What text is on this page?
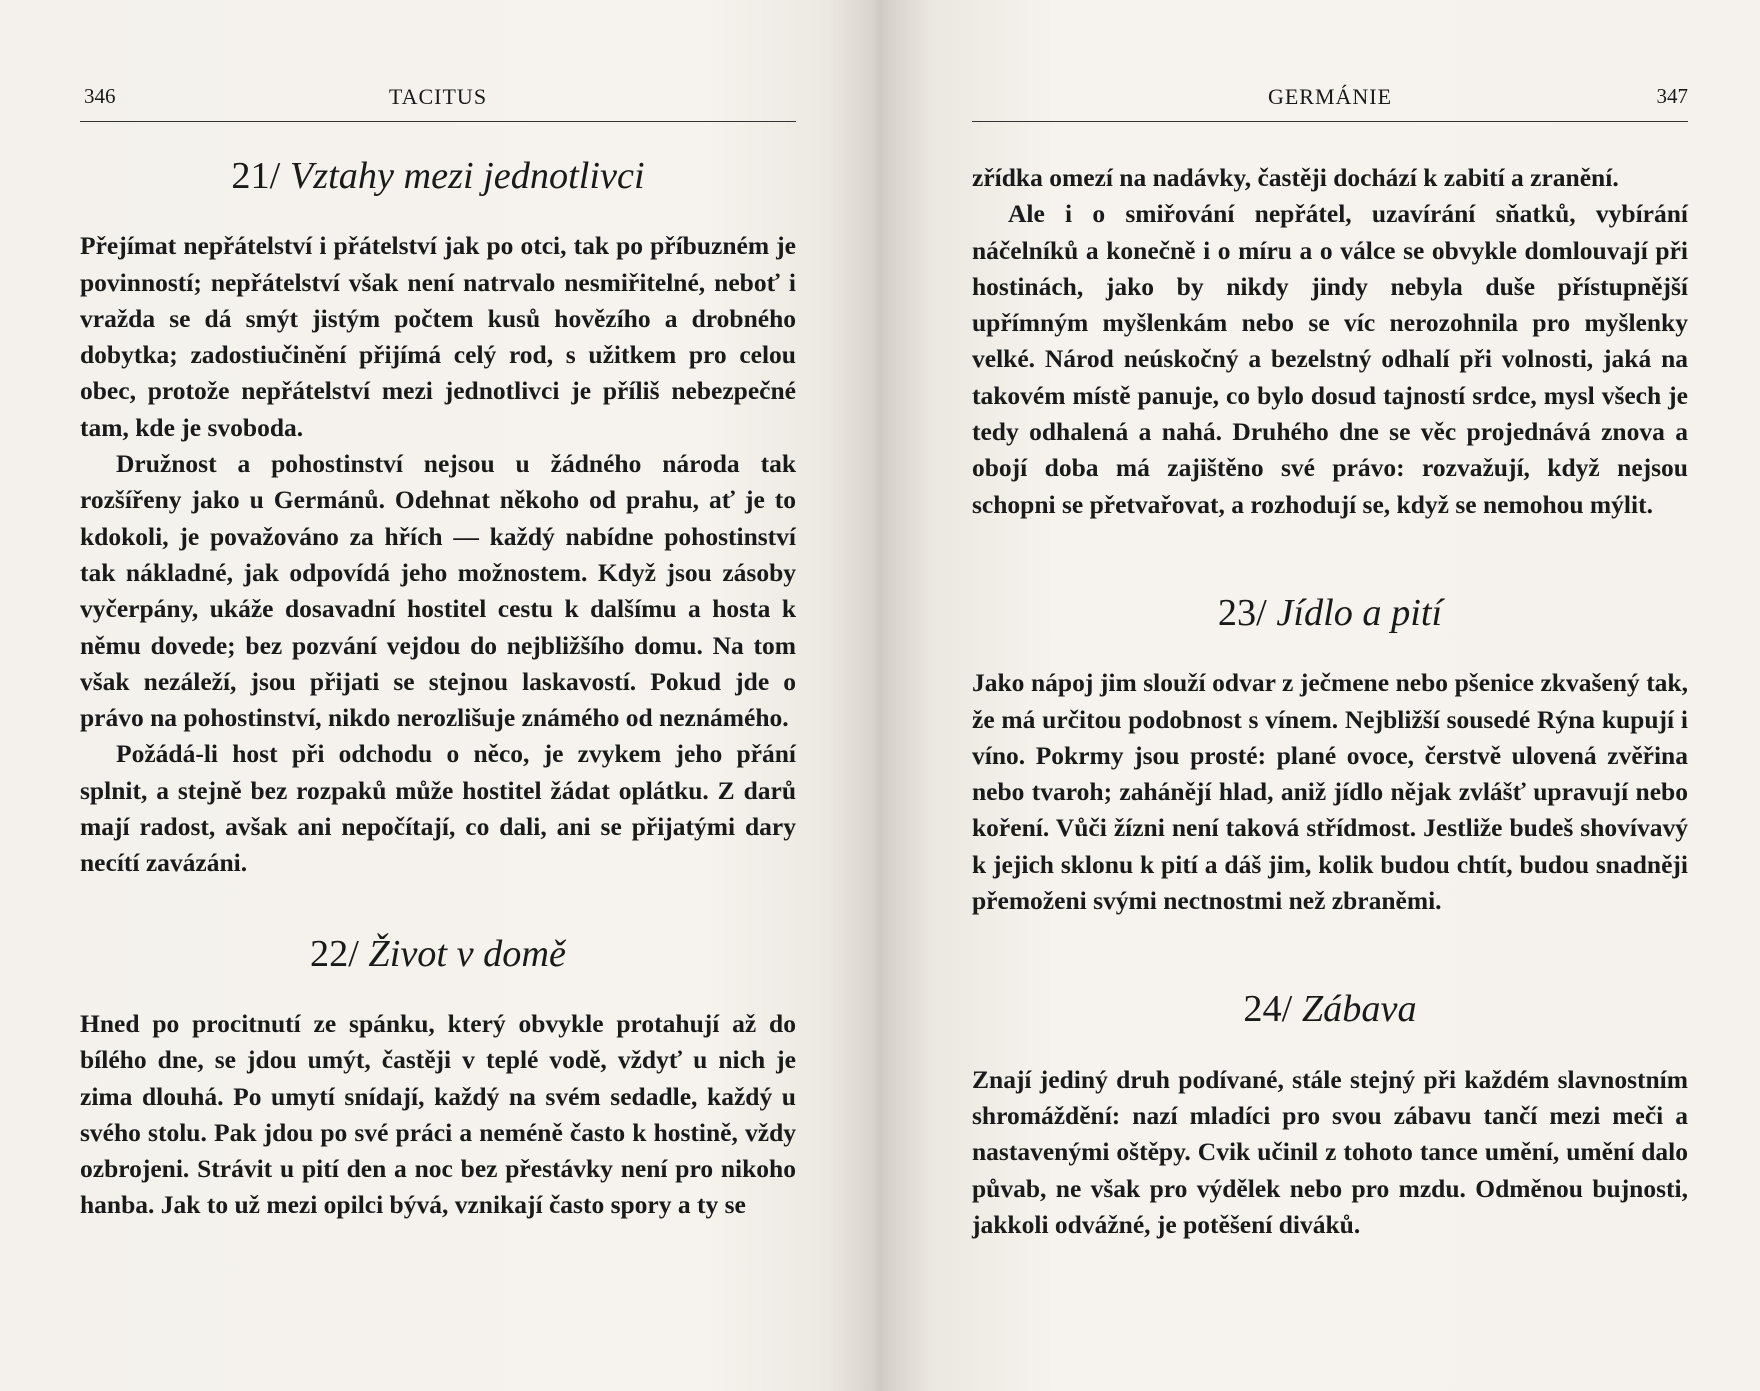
346	TACITUS
21/ Vztahy mezi jednotlivci

Přejímat nepřátelství i přátelství jak po otci, tak po příbuzném je povinností; nepřátelství však není natrvalo nesmiřitelné, neboť i vražda se dá smýt jistým počtem kusů hovězího a drobného dobytka; zadostiučinění přijímá celý rod, s užitkem pro celou obec, protože nepřátelství mezi jednotlivci je příliš nebezpečné tam, kde je svoboda.

Družnost a pohostinství nejsou u žádného národa tak rozšířeny jako u Germánů. Odehnat někoho od prahu, ať je to kdokoli, je považováno za hřích — každý nabídne pohostinství tak nákladné, jak odpovídá jeho možnostem. Když jsou zásoby vyčerpány, ukáže dosavadní hostitel cestu k dalšímu a hosta k němu dovede; bez pozvání vejdou do nejbližšího domu. Na tom však nezáleží, jsou přijati se stejnou laskavostí. Pokud jde o právo na pohostinství, nikdo nerozlišuje známého od neznámého.

Požádá-li host při odchodu o něco, je zvykem jeho přání splnit, a stejně bez rozpaků může hostitel žádat oplátku. Z darů mají radost, avšak ani nepočítají, co dali, ani se přijatými dary necítí zavázáni.

22/ Život v domě

Hned po procitnutí ze spánku, který obvykle protahují až do bílého dne, se jdou umýt, častěji v teplé vodě, vždyť u nich je zima dlouhá. Po umytí snídají, každý na svém sedadle, každý u svého stolu. Pak jdou po své práci a neméně často k hostině, vždy ozbrojeni. Strávit u pití den a noc bez přestávky není pro nikoho hanba. Jak to už mezi opilci bývá, vznikají často spory a ty se

GERMÁNIE	347

zřídka omezí na nadávky, častěji dochází k zabití a zranění.

Ale i o smiřování nepřátel, uzavírání sňatků, vybírání náčelníků a konečně i o míru a o válce se obvykle domlouvají při hostinách, jako by nikdy jindy nebyla duše přístupnější upřímným myšlenkám nebo se víc nerozohnila pro myšlenky velké. Národ neúskočný a bezelstný odhalí při volnosti, jaká na takovém místě panuje, co bylo dosud tajností srdce, mysl všech je tedy odhalená a nahá. Druhého dne se věc projednává znova a obojí doba má zajištěno své právo: rozvažují, když nejsou schopni se přetvařovat, a rozhodují se, když se nemohou mýlit.

23/ Jídlo a pití

Jako nápoj jim slouží odvar z ječmene nebo pšenice zkvašený tak, že má určitou podobnost s vínem. Nejbližší sousedé Rýna kupují i víno. Pokrmy jsou prosté: plané ovoce, čerstvě ulovená zvěřina nebo tvaroh; zahánějí hlad, aniž jídlo nějak zvlášť upravují nebo koření. Vůči žízni není taková střídmost. Jestliže budeš shovívavý k jejich sklonu k pití a dáš jim, kolik budou chtít, budou snadněji přemoženi svými nectnostmi než zbraněmi.

24/ Zábava

Znají jediný druh podívané, stále stejný při každém slavnostním shromáždění: nazí mladíci pro svou zábavu tančí mezi meči a nastavenými oštěpy. Cvik učinil z tohoto tance umění, umění dalo půvab, ne však pro výdělek nebo pro mzdu. Odměnou bujnosti, jakkoli odvážné, je potěšení diváků.
